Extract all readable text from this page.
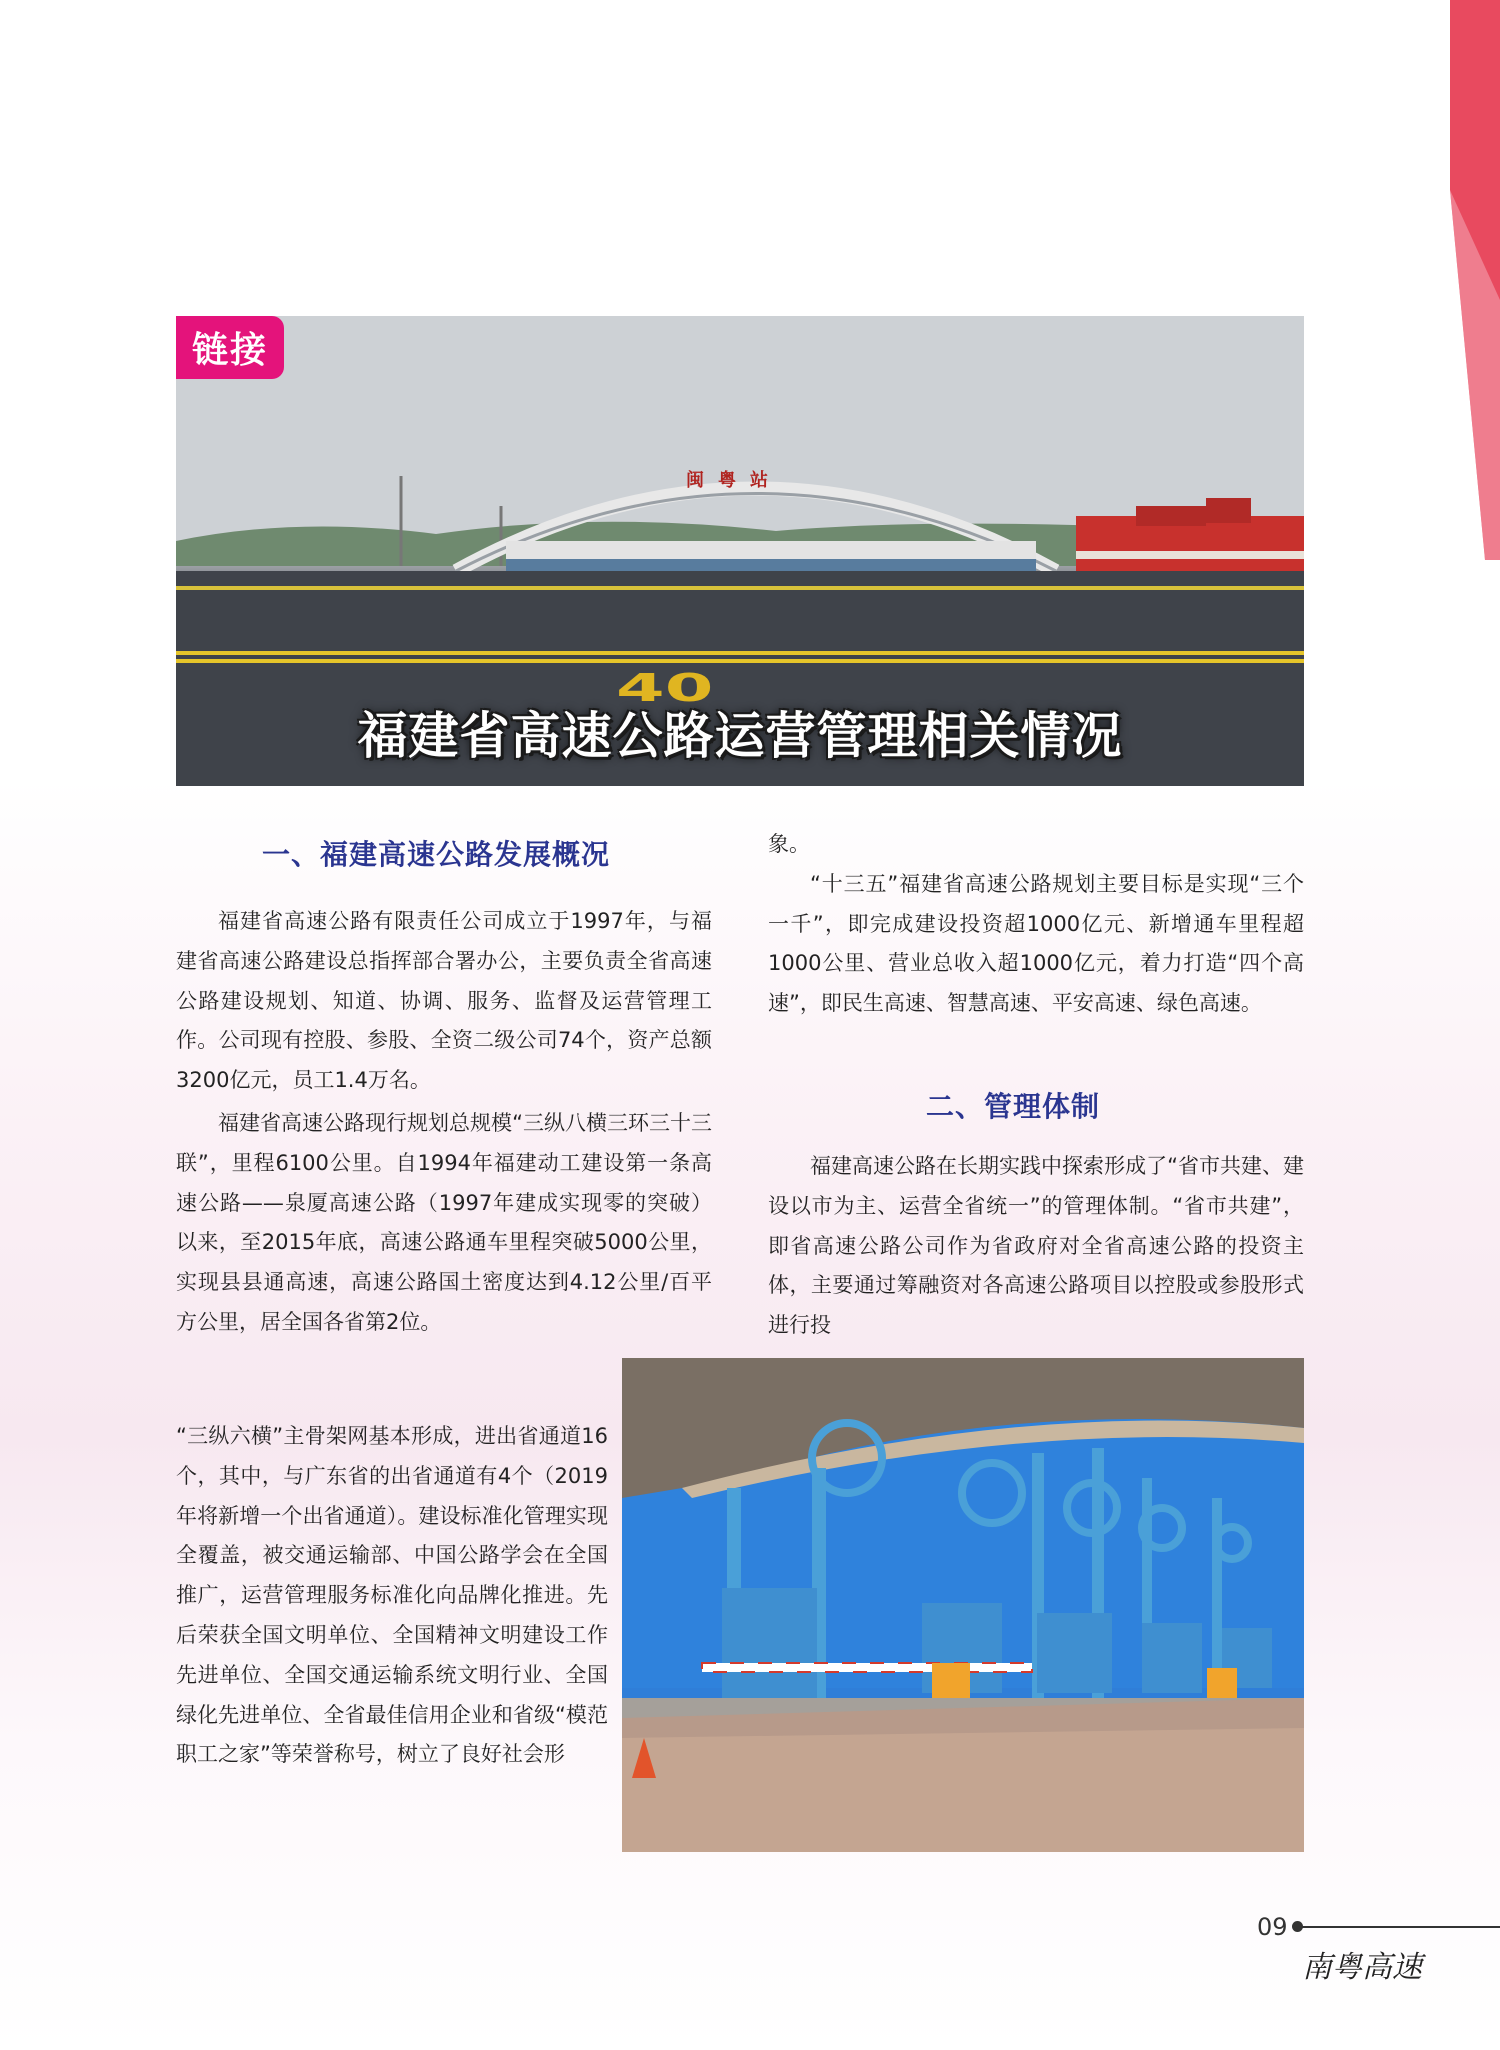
闽粤站
40
链接
福建省高速公路运营管理相关情况
一、福建高速公路发展概况

福建省高速公路有限责任公司成立于1997年，与福建省高速公路建设总指挥部合署办公，主要负责全省高速公路建设规划、知道、协调、服务、监督及运营管理工作。公司现有控股、参股、全资二级公司74个，资产总额3200亿元，员工1.4万名。

福建省高速公路现行规划总规模“三纵八横三环三十三联”，里程6100公里。自1994年福建动工建设第一条高速公路——泉厦高速公路（1997年建成实现零的突破）以来，至2015年底，高速公路通车里程突破5000公里，实现县县通高速，高速公路国土密度达到4.12公里/百平方公里，居全国各省第2位。

“三纵六横”主骨架网基本形成，进出省通道16个，其中，与广东省的出省通道有4个（2019年将新增一个出省通道）。建设标准化管理实现全覆盖，被交通运输部、中国公路学会在全国推广，运营管理服务标准化向品牌化推进。先后荣获全国文明单位、全国精神文明建设工作先进单位、全国交通运输系统文明行业、全国绿化先进单位、全省最佳信用企业和省级“模范职工之家”等荣誉称号，树立了良好社会形

象。

“十三五”福建省高速公路规划主要目标是实现“三个一千”，即完成建设投资超1000亿元、新增通车里程超1000公里、营业总收入超1000亿元，着力打造“四个高速”，即民生高速、智慧高速、平安高速、绿色高速。

二、管理体制

福建高速公路在长期实践中探索形成了“省市共建、建设以市为主、运营全省统一”的管理体制。“省市共建”，即省高速公路公司作为省政府对全省高速公路的投资主体，主要通过筹融资对各高速公路项目以控股或参股形式进行投

09
南粤高速
